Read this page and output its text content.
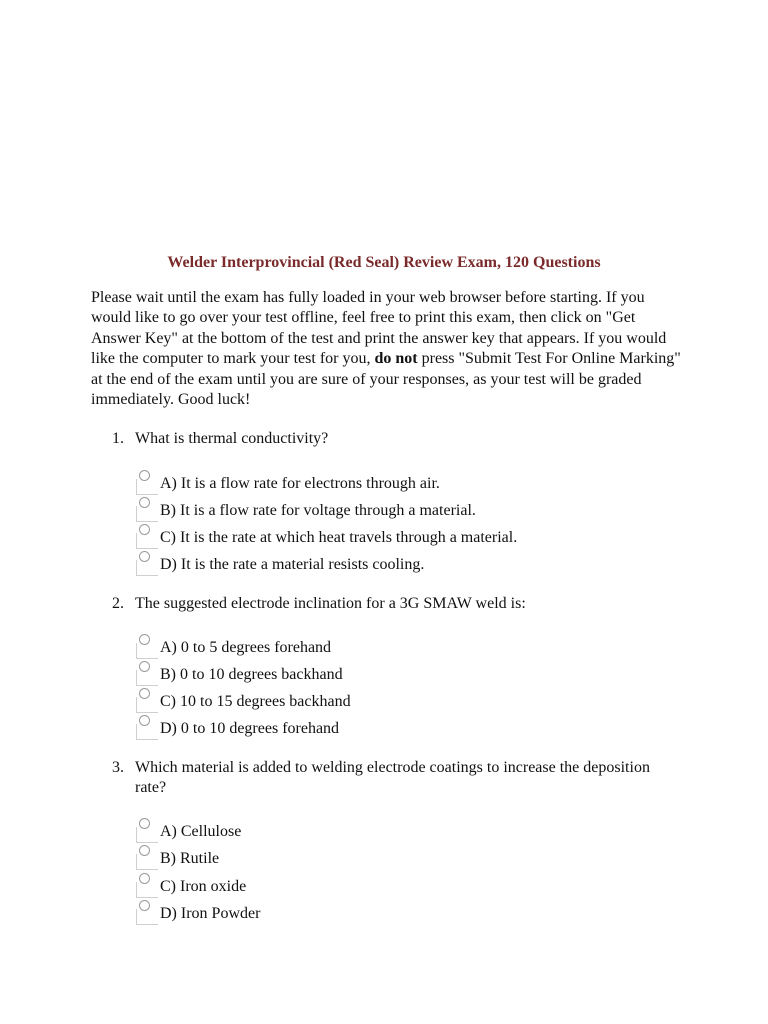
Welder Interprovincial (Red Seal) Review Exam, 120 Questions

Please wait until the exam has fully loaded in your web browser before starting. If you would like to go over your test offline, feel free to print this exam, then click on "Get Answer Key" at the bottom of the test and print the answer key that appears. If you would like the computer to mark your test for you, do not press "Submit Test For Online Marking" at the end of the exam until you are sure of your responses, as your test will be graded immediately. Good luck!

1. What is thermal conductivity?
A) It is a flow rate for electrons through air.
B) It is a flow rate for voltage through a material.
C) It is the rate at which heat travels through a material.
D) It is the rate a material resists cooling.
2. The suggested electrode inclination for a 3G SMAW weld is:
A) 0 to 5 degrees forehand
B) 0 to 10 degrees backhand
C) 10 to 15 degrees backhand
D) 0 to 10 degrees forehand
3. Which material is added to welding electrode coatings to increase the deposition rate?
A) Cellulose
B) Rutile
C) Iron oxide
D) Iron Powder
